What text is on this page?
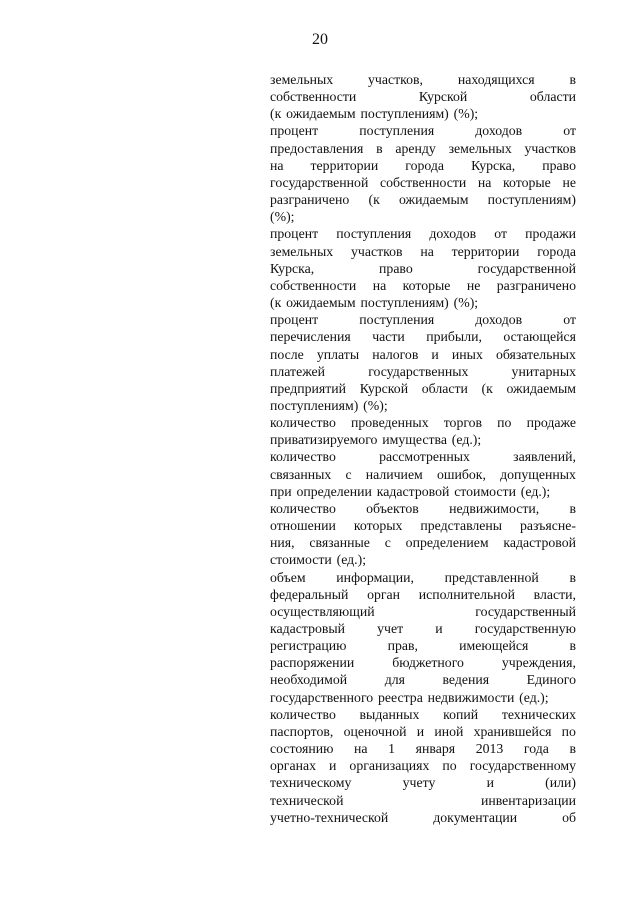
20
земельных	участков,	находящихся	в
собственности	Курской	области
(к ожидаемым поступлениям) (%);
процент	поступления	доходов	от
предоставления в аренду земельных участков
на территории города Курска, право
государственной собственности на которые не
разграничено (к ожидаемым поступлениям)
(%);
процент поступления доходов от продажи
земельных участков на территории города
Курска,	право	государственной
собственности на которые не разграничено
(к ожидаемым поступлениям) (%);
процент	поступления	доходов	от
перечисления части прибыли, остающейся
после уплаты налогов и иных обязательных
платежей	государственных	унитарных
предприятий Курской области (к ожидаемым
поступлениям) (%);
количество проведенных торгов по продаже
приватизируемого имущества (ед.);
количество	рассмотренных	заявлений,
связанных с наличием ошибок, допущенных
при определении кадастровой стоимости (ед.);
количество объектов недвижимости, в
отношении которых представлены разъясне-
ния, связанные с определением кадастровой
стоимости (ед.);
объем информации, представленной в
федеральный орган исполнительной власти,
осуществляющий	государственный
кадастровый учет и государственную
регистрацию	прав,	имеющейся	в
распоряжении	бюджетного	учреждения,
необходимой	для	ведения	Единого
государственного реестра недвижимости (ед.);
количество выданных копий технических
паспортов, оценочной и иной хранившейся по
состоянию на 1 января 2013 года в
органах и организациях по государственному
техническому	учету	и	(или)
технической	инвентаризации
учетно-технической	документации	об
